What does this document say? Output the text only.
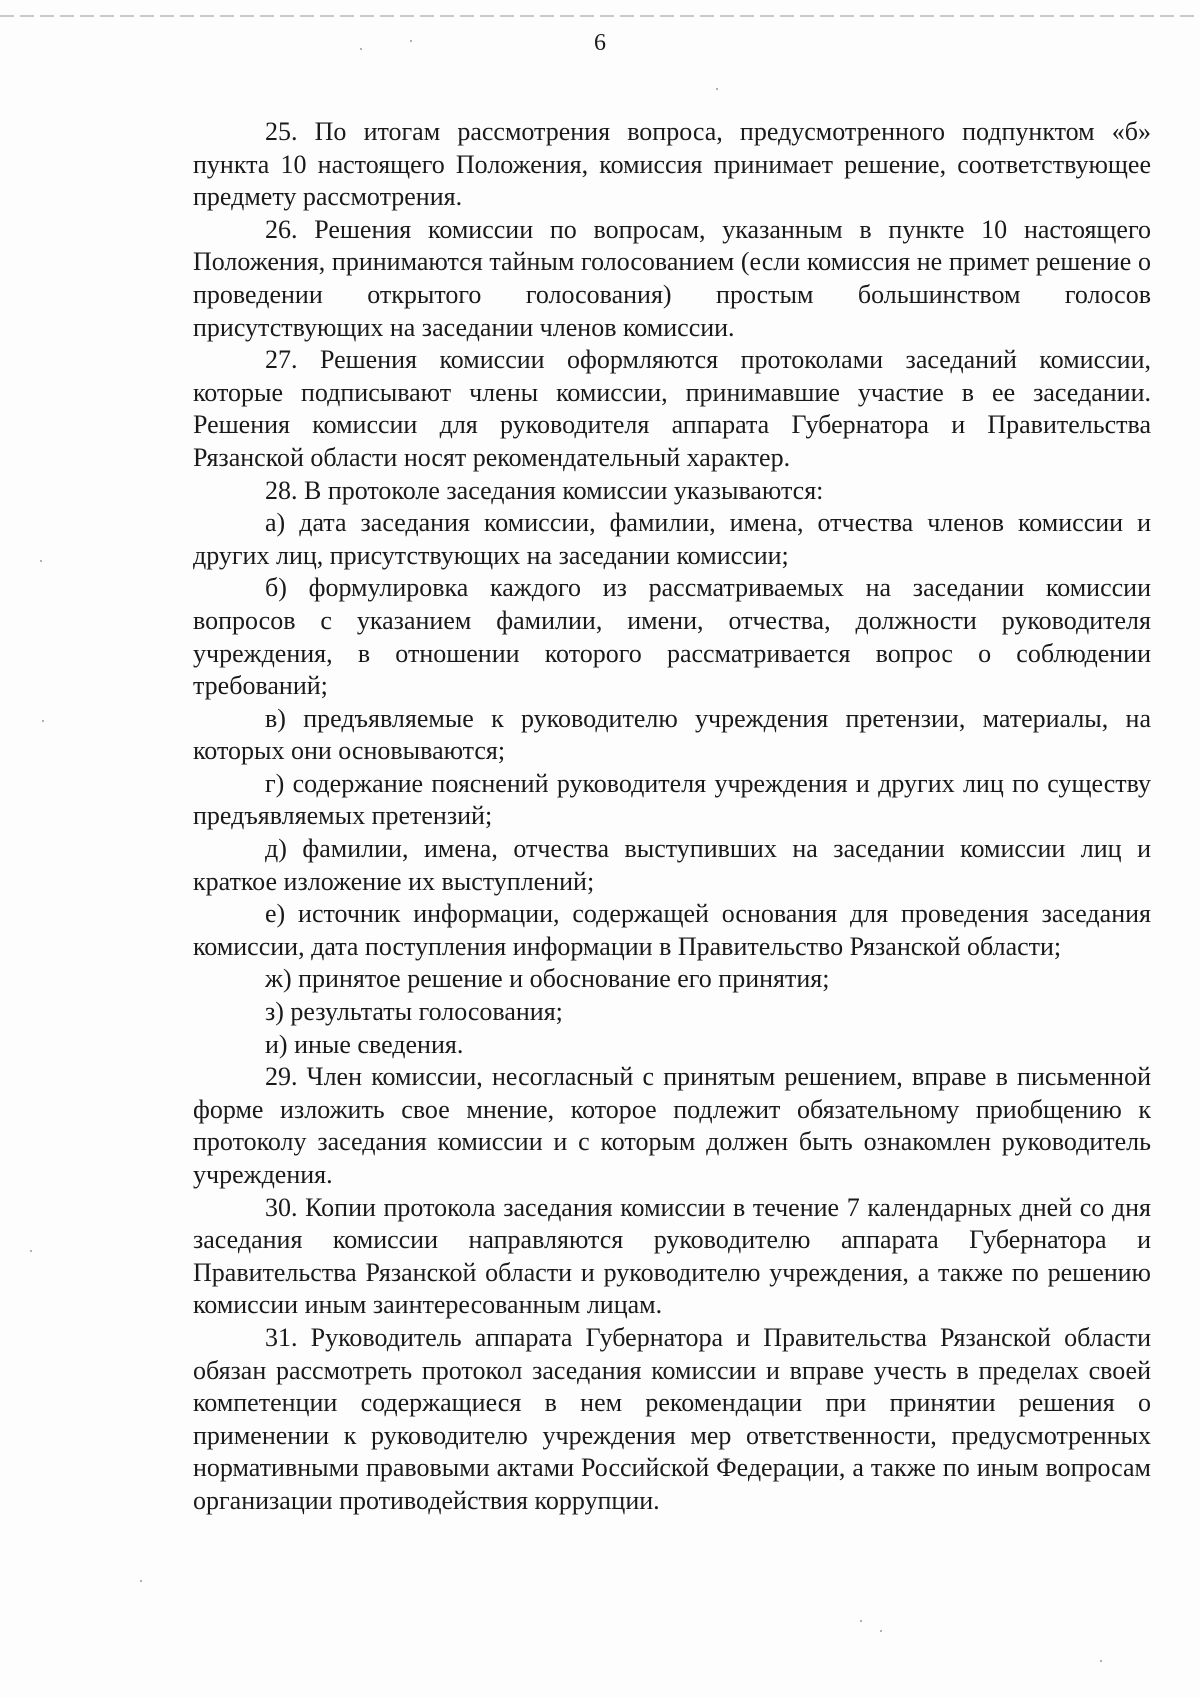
6

25. По итогам рассмотрения вопроса, предусмотренного подпунктом «б» пункта 10 настоящего Положения, комиссия принимает решение, соответствующее предмету рассмотрения.

26. Решения комиссии по вопросам, указанным в пункте 10 настоящего Положения, принимаются тайным голосованием (если комиссия не примет решение о проведении открытого голосования) простым большинством голосов присутствующих на заседании членов комиссии.

27. Решения комиссии оформляются протоколами заседаний комиссии, которые подписывают члены комиссии, принимавшие участие в ее заседании. Решения комиссии для руководителя аппарата Губернатора и Правительства Рязанской области носят рекомендательный характер.

28. В протоколе заседания комиссии указываются:

а) дата заседания комиссии, фамилии, имена, отчества членов комиссии и других лиц, присутствующих на заседании комиссии;

б) формулировка каждого из рассматриваемых на заседании комиссии вопросов с указанием фамилии, имени, отчества, должности руководителя учреждения, в отношении которого рассматривается вопрос о соблюдении требований;

в) предъявляемые к руководителю учреждения претензии, материалы, на которых они основываются;

г) содержание пояснений руководителя учреждения и других лиц по существу предъявляемых претензий;

д) фамилии, имена, отчества выступивших на заседании комиссии лиц и краткое изложение их выступлений;

е) источник информации, содержащей основания для проведения заседания комиссии, дата поступления информации в Правительство Рязанской области;

ж) принятое решение и обоснование его принятия;

з) результаты голосования;

и) иные сведения.

29. Член комиссии, несогласный с принятым решением, вправе в письменной форме изложить свое мнение, которое подлежит обязательному приобщению к протоколу заседания комиссии и с которым должен быть ознакомлен руководитель учреждения.

30. Копии протокола заседания комиссии в течение 7 календарных дней со дня заседания комиссии направляются руководителю аппарата Губернатора и Правительства Рязанской области и руководителю учреждения, а также по решению комиссии иным заинтересованным лицам.

31. Руководитель аппарата Губернатора и Правительства Рязанской области обязан рассмотреть протокол заседания комиссии и вправе учесть в пределах своей компетенции содержащиеся в нем рекомендации при принятии решения о применении к руководителю учреждения мер ответственности, предусмотренных нормативными правовыми актами Российской Федерации, а также по иным вопросам организации противодействия коррупции.
